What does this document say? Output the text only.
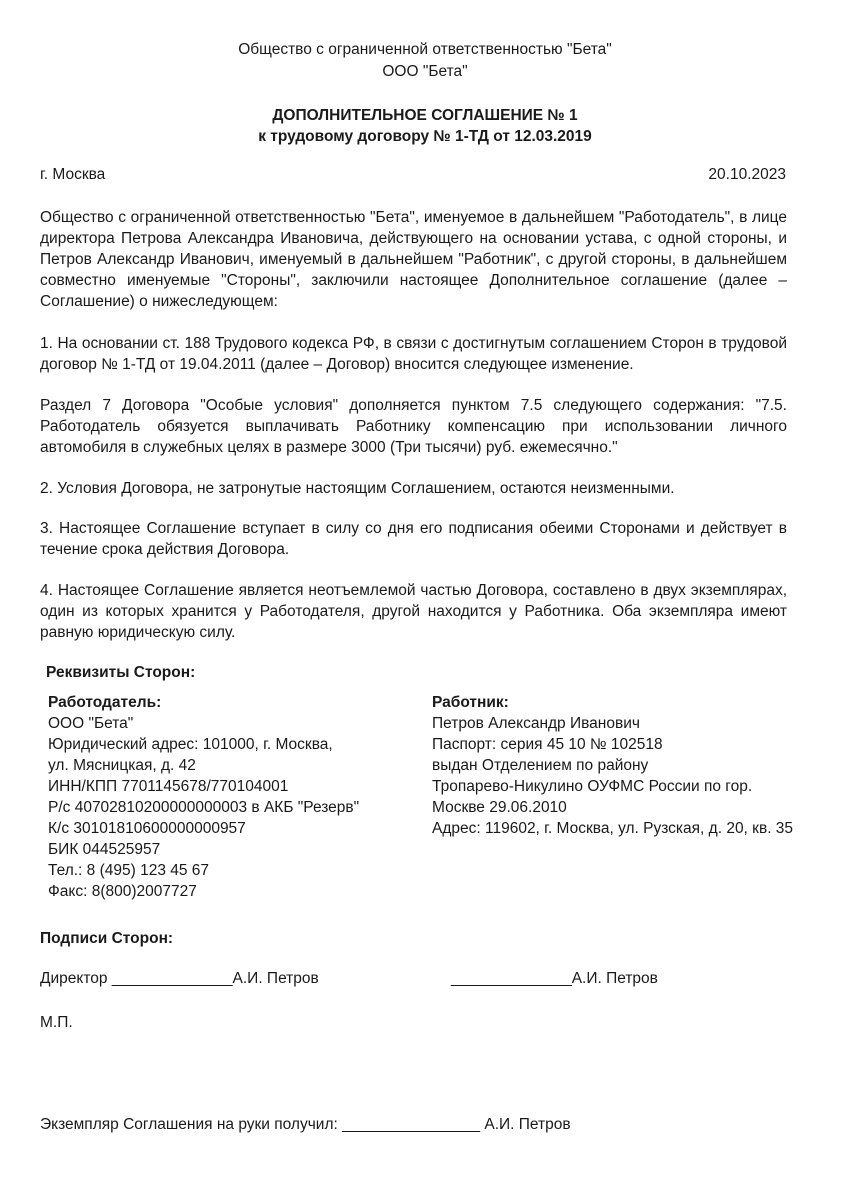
Общество с ограниченной ответственностью "Бета"
ООО "Бета"
ДОПОЛНИТЕЛЬНОЕ СОГЛАШЕНИЕ № 1
к трудовому договору № 1-ТД от 12.03.2019
г. Москва	20.10.2023
Общество с ограниченной ответственностью "Бета", именуемое в дальнейшем "Работодатель", в лице директора Петрова Александра Ивановича, действующего на основании устава, с одной стороны, и Петров Александр Иванович, именуемый в дальнейшем "Работник", с другой стороны, в дальнейшем совместно именуемые "Стороны", заключили настоящее Дополнительное соглашение (далее – Соглашение) о нижеследующем:
1. На основании ст. 188 Трудового кодекса РФ, в связи с достигнутым соглашением Сторон в трудовой договор № 1-ТД от 19.04.2011 (далее – Договор) вносится следующее изменение.
Раздел 7 Договора "Особые условия" дополняется пунктом 7.5 следующего содержания: "7.5. Работодатель обязуется выплачивать Работнику компенсацию при использовании личного автомобиля в служебных целях в размере 3000 (Три тысячи) руб. ежемесячно."
2. Условия Договора, не затронутые настоящим Соглашением, остаются неизменными.
3. Настоящее Соглашение вступает в силу со дня его подписания обеими Сторонами и действует в течение срока действия Договора.
4. Настоящее Соглашение является неотъемлемой частью Договора, составлено в двух экземплярах, один из которых хранится у Работодателя, другой находится у Работника. Оба экземпляра имеют равную юридическую силу.
Реквизиты Сторон:
Работодатель:
ООО "Бета"
Юридический адрес: 101000, г. Москва,
ул. Мясницкая, д. 42
ИНН/КПП 7701145678/770104001
Р/с 40702810200000000003 в АКБ "Резерв"
К/с 30101810600000000957
БИК 044525957
Тел.: 8 (495) 123 45 67
Факс: 8(800)2007727
Работник:
Петров Александр Иванович
Паспорт: серия 45 10 № 102518
выдан Отделением по району
Тропарево-Никулино ОУФМС России по гор.
Москве 29.06.2010
Адрес: 119602, г. Москва, ул. Рузская, д. 20, кв. 35
Подписи Сторон:
Директор ______________А.И. Петров	______________А.И. Петров
М.П.
Экземпляр Соглашения на руки получил: ________________ А.И. Петров
